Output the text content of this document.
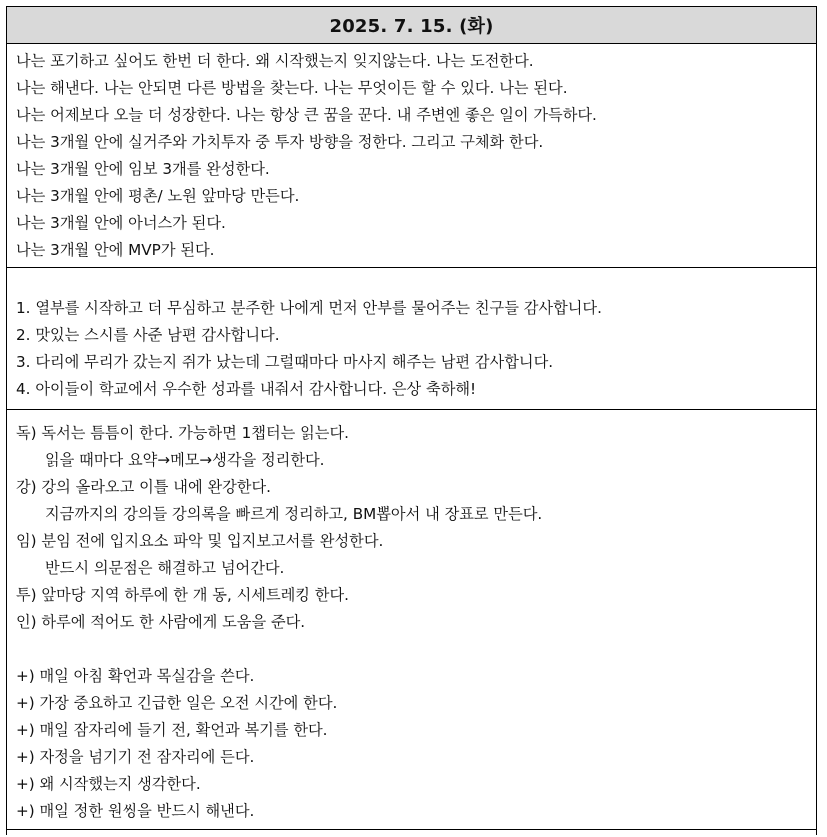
2025. 7. 15. (화)
나는 포기하고 싶어도 한번 더 한다. 왜 시작했는지 잊지않는다. 나는 도전한다.
나는 해낸다. 나는 안되면 다른 방법을 찾는다. 나는 무엇이든 할 수 있다. 나는 된다.
나는 어제보다 오늘 더 성장한다. 나는 항상 큰 꿈을 꾼다. 내 주변엔 좋은 일이 가득하다.
나는 3개월 안에 실거주와 가치투자 중 투자 방향을 정한다. 그리고 구체화 한다.
나는 3개월 안에 임보 3개를 완성한다.
나는 3개월 안에 평촌/ 노원 앞마당 만든다.
나는 3개월 안에 아너스가 된다.
나는 3개월 안에 MVP가 된다.
1. 열부를 시작하고 더 무심하고 분주한 나에게 먼저 안부를 물어주는 친구들 감사합니다.
2. 맛있는 스시를 사준 남편 감사합니다.
3. 다리에 무리가 갔는지 쥐가 났는데 그럴때마다 마사지 해주는 남편 감사합니다.
4. 아이들이 학교에서 우수한 성과를 내줘서 감사합니다. 은상 축하해!
독) 독서는 틈틈이 한다. 가능하면 1챕터는 읽는다.
읽을 때마다 요약→메모→생각을 정리한다.
강) 강의 올라오고 이틀 내에 완강한다.
지금까지의 강의들 강의록을 빠르게 정리하고, BM뽑아서 내 장표로 만든다.
임) 분임 전에 입지요소 파악 및 입지보고서를 완성한다.
반드시 의문점은 해결하고 넘어간다.
투) 앞마당 지역 하루에 한 개 동, 시세트레킹 한다.
인) 하루에 적어도 한 사람에게 도움을 준다.
+) 매일 아침 확언과 목실감을 쓴다.
+) 가장 중요하고 긴급한 일은 오전 시간에 한다.
+) 매일 잠자리에 들기 전, 확언과 복기를 한다.
+) 자정을 넘기기 전 잠자리에 든다.
+) 왜 시작했는지 생각한다.
+) 매일 정한 원씽을 반드시 해낸다.
